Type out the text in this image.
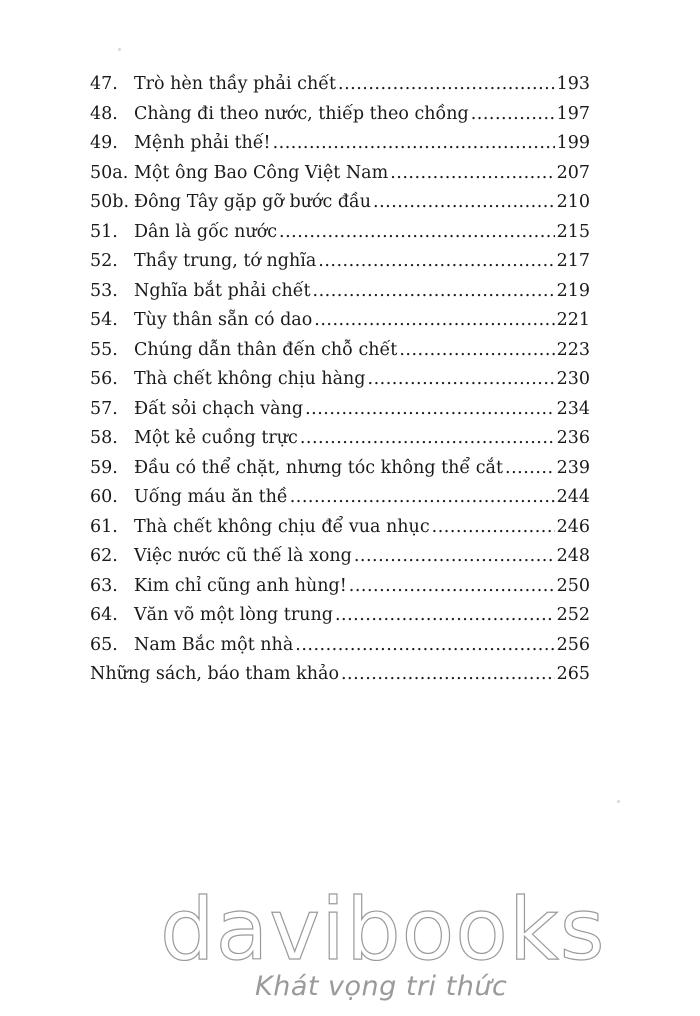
47. Trò hèn thầy phải chết .....	193
48. Chàng đi theo nước, thiếp theo chồng .....	197
49. Mệnh phải thế! .....	199
50a. Một ông Bao Công Việt Nam .....	207
50b. Đông Tây gặp gỡ bước đầu .....	210
51. Dân là gốc nước .....	215
52. Thầy trung, tớ nghĩa .....	217
53. Nghĩa bắt phải chết .....	219
54. Tùy thân sẵn có dao .....	221
55. Chúng dẫn thân đến chỗ chết .....	223
56. Thà chết không chịu hàng .....	230
57. Đất sỏi chạch vàng .....	234
58. Một kẻ cuồng trực .....	236
59. Đầu có thể chặt, nhưng tóc không thể cắt .....	239
60. Uống máu ăn thề .....	244
61. Thà chết không chịu để vua nhục .....	246
62. Việc nước cũ thế là xong .....	248
63. Kim chỉ cũng anh hùng! .....	250
64. Văn võ một lòng trung .....	252
65. Nam Bắc một nhà .....	256
Những sách, báo tham khảo .....	265
davibooks
Khát vọng tri thức
